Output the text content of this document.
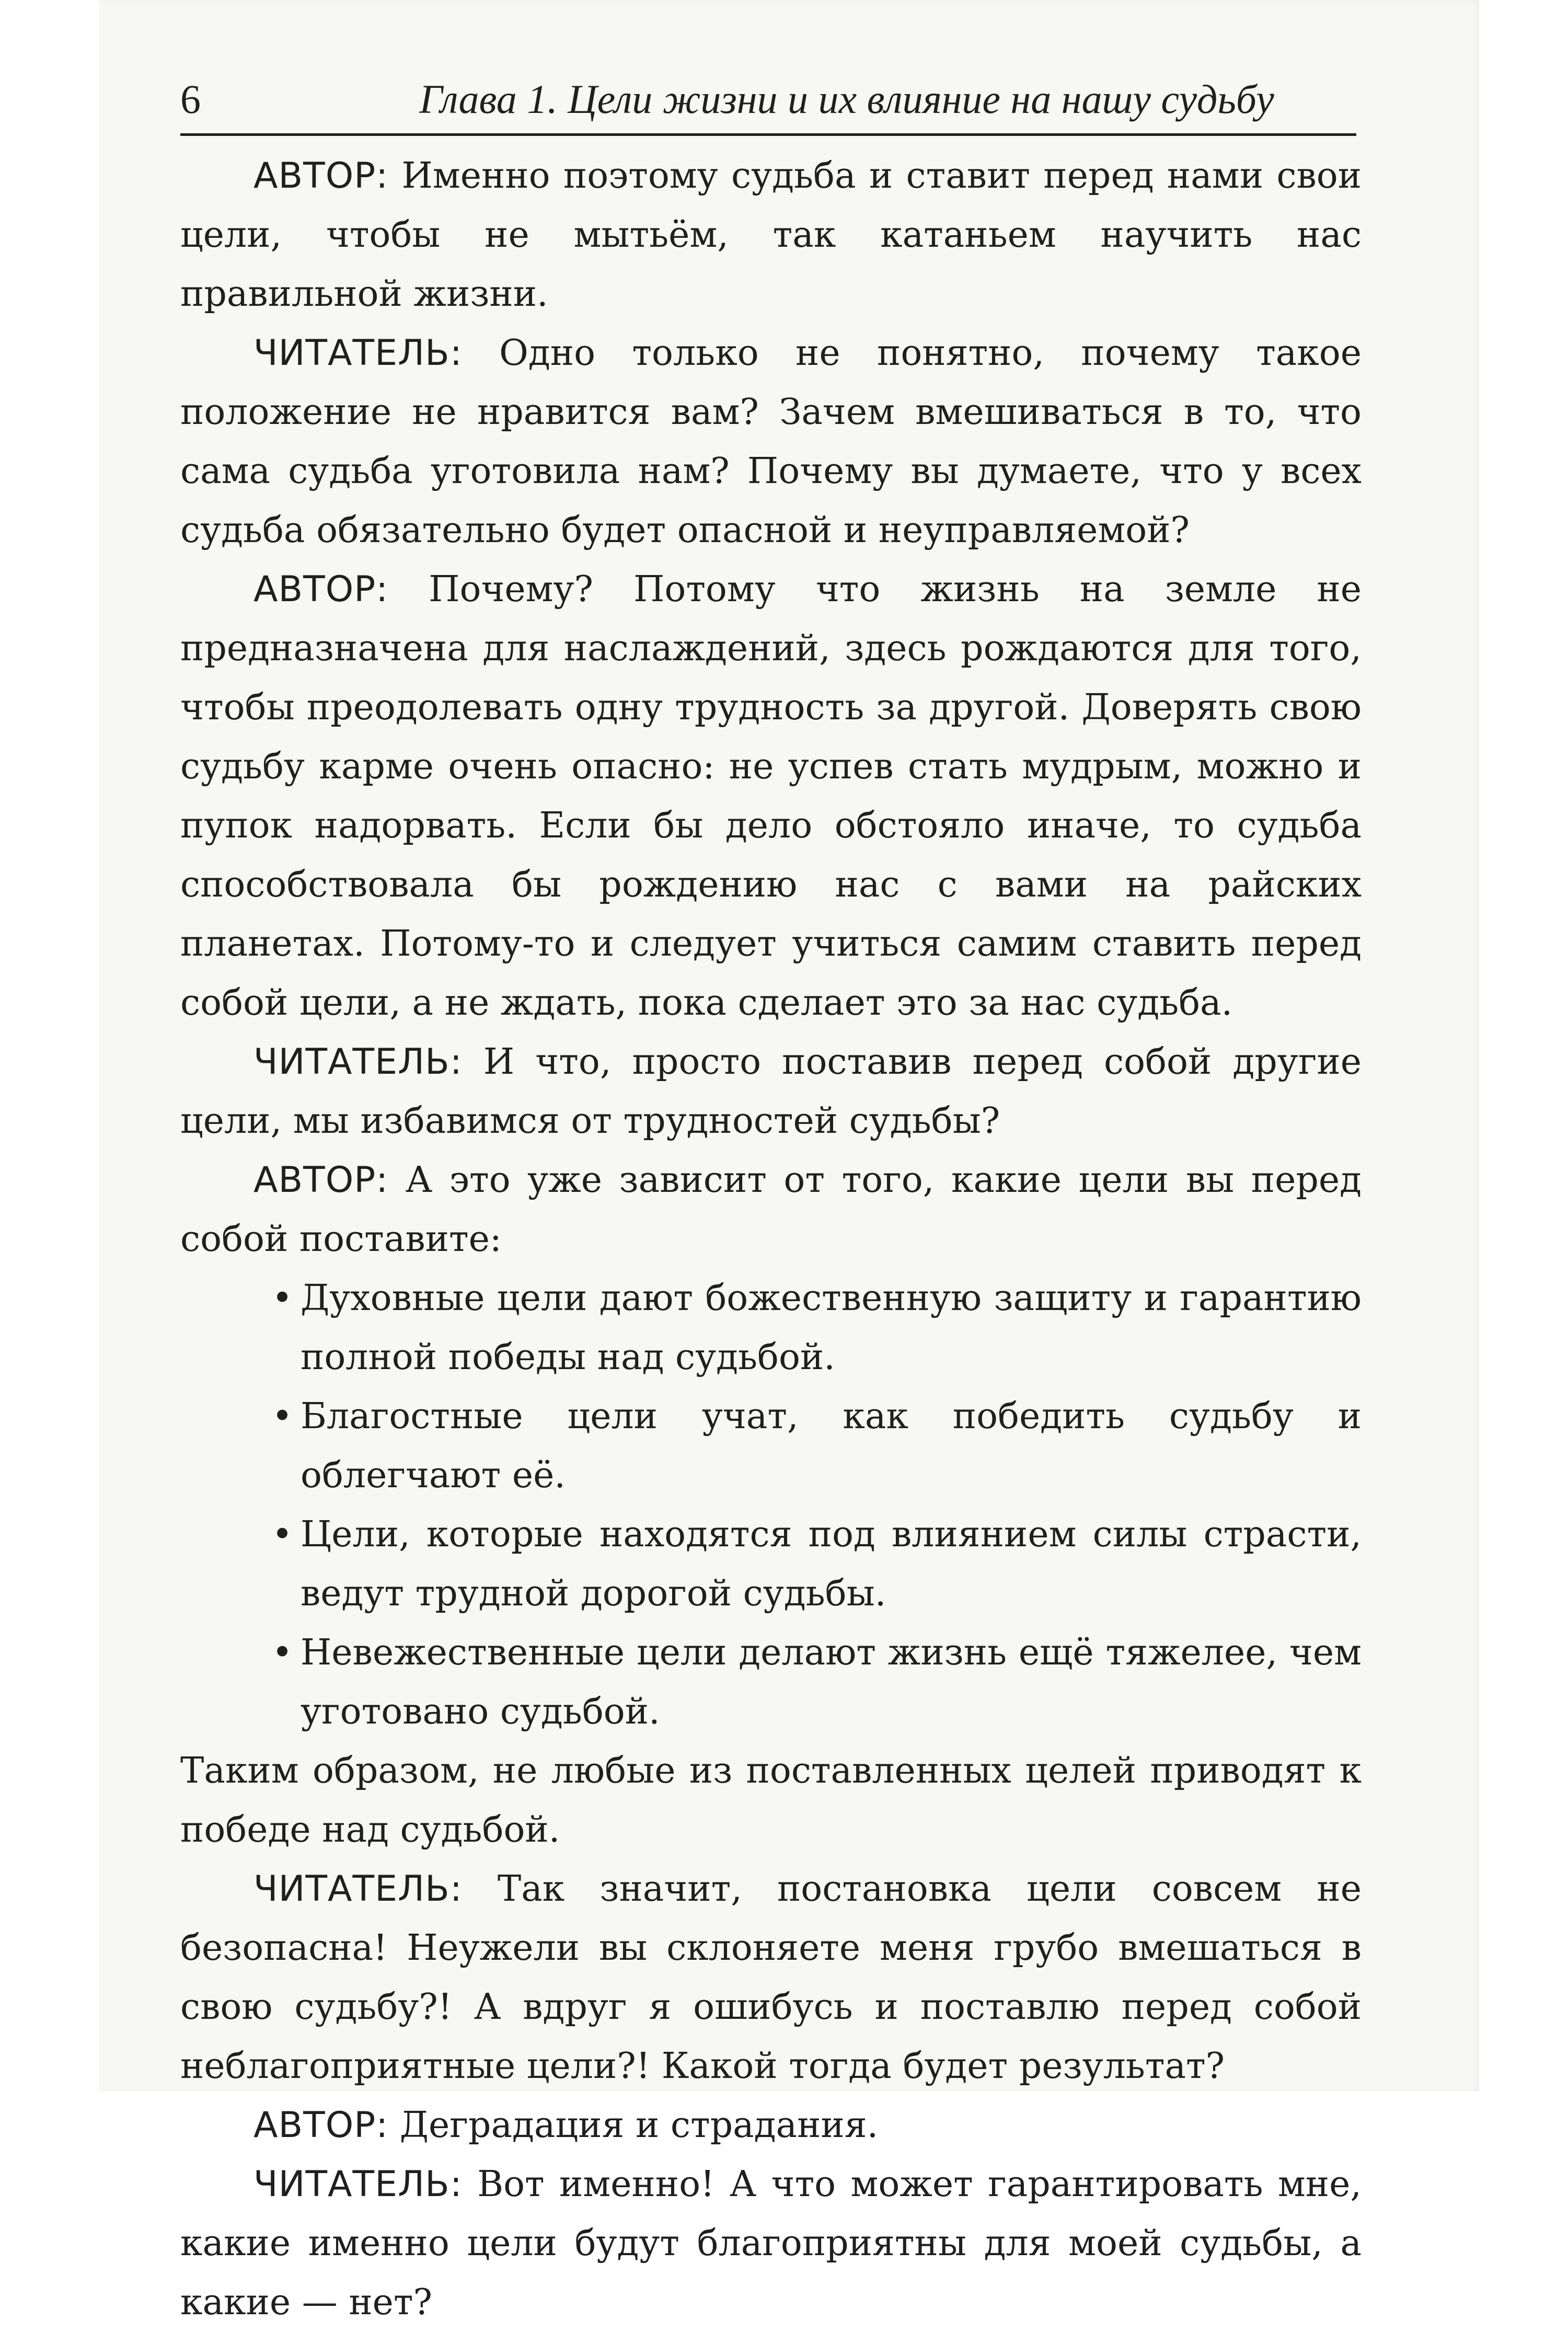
6	Глава 1. Цели жизни и их влияние на нашу судьбу

АВТОР: Именно поэтому судьба и ставит перед нами свои цели, чтобы не мытьём, так катаньем научить нас правильной жизни.

ЧИТАТЕЛЬ: Одно только не понятно, почему такое положение не нравится вам? Зачем вмешиваться в то, что сама судьба уготовила нам? Почему вы думаете, что у всех судьба обязательно будет опасной и неуправляемой?

АВТОР: Почему? Потому что жизнь на земле не предназначена для наслаждений, здесь рождаются для того, чтобы преодолевать одну трудность за другой. Доверять свою судьбу карме очень опасно: не успев стать мудрым, можно и пупок надорвать. Если бы дело обстояло иначе, то судьба способствовала бы рождению нас с вами на райских планетах. Потому-то и следует учиться самим ставить перед собой цели, а не ждать, пока сделает это за нас судьба.

ЧИТАТЕЛЬ: И что, просто поставив перед собой другие цели, мы избавимся от трудностей судьбы?

АВТОР: А это уже зависит от того, какие цели вы перед собой поставите:

• Духовные цели дают божественную защиту и гарантию полной победы над судьбой.
• Благостные цели учат, как победить судьбу и облегчают её.
• Цели, которые находятся под влиянием силы страсти, ведут трудной дорогой судьбы.
• Невежественные цели делают жизнь ещё тяжелее, чем уготовано судьбой.

Таким образом, не любые из поставленных целей приводят к победе над судьбой.

ЧИТАТЕЛЬ: Так значит, постановка цели совсем не безопасна! Неужели вы склоняете меня грубо вмешаться в свою судьбу?! А вдруг я ошибусь и поставлю перед собой неблагоприятные цели?! Какой тогда будет результат?

АВТОР: Деградация и страдания.

ЧИТАТЕЛЬ: Вот именно! А что может гарантировать мне, какие именно цели будут благоприятны для моей судьбы, а какие — нет?
